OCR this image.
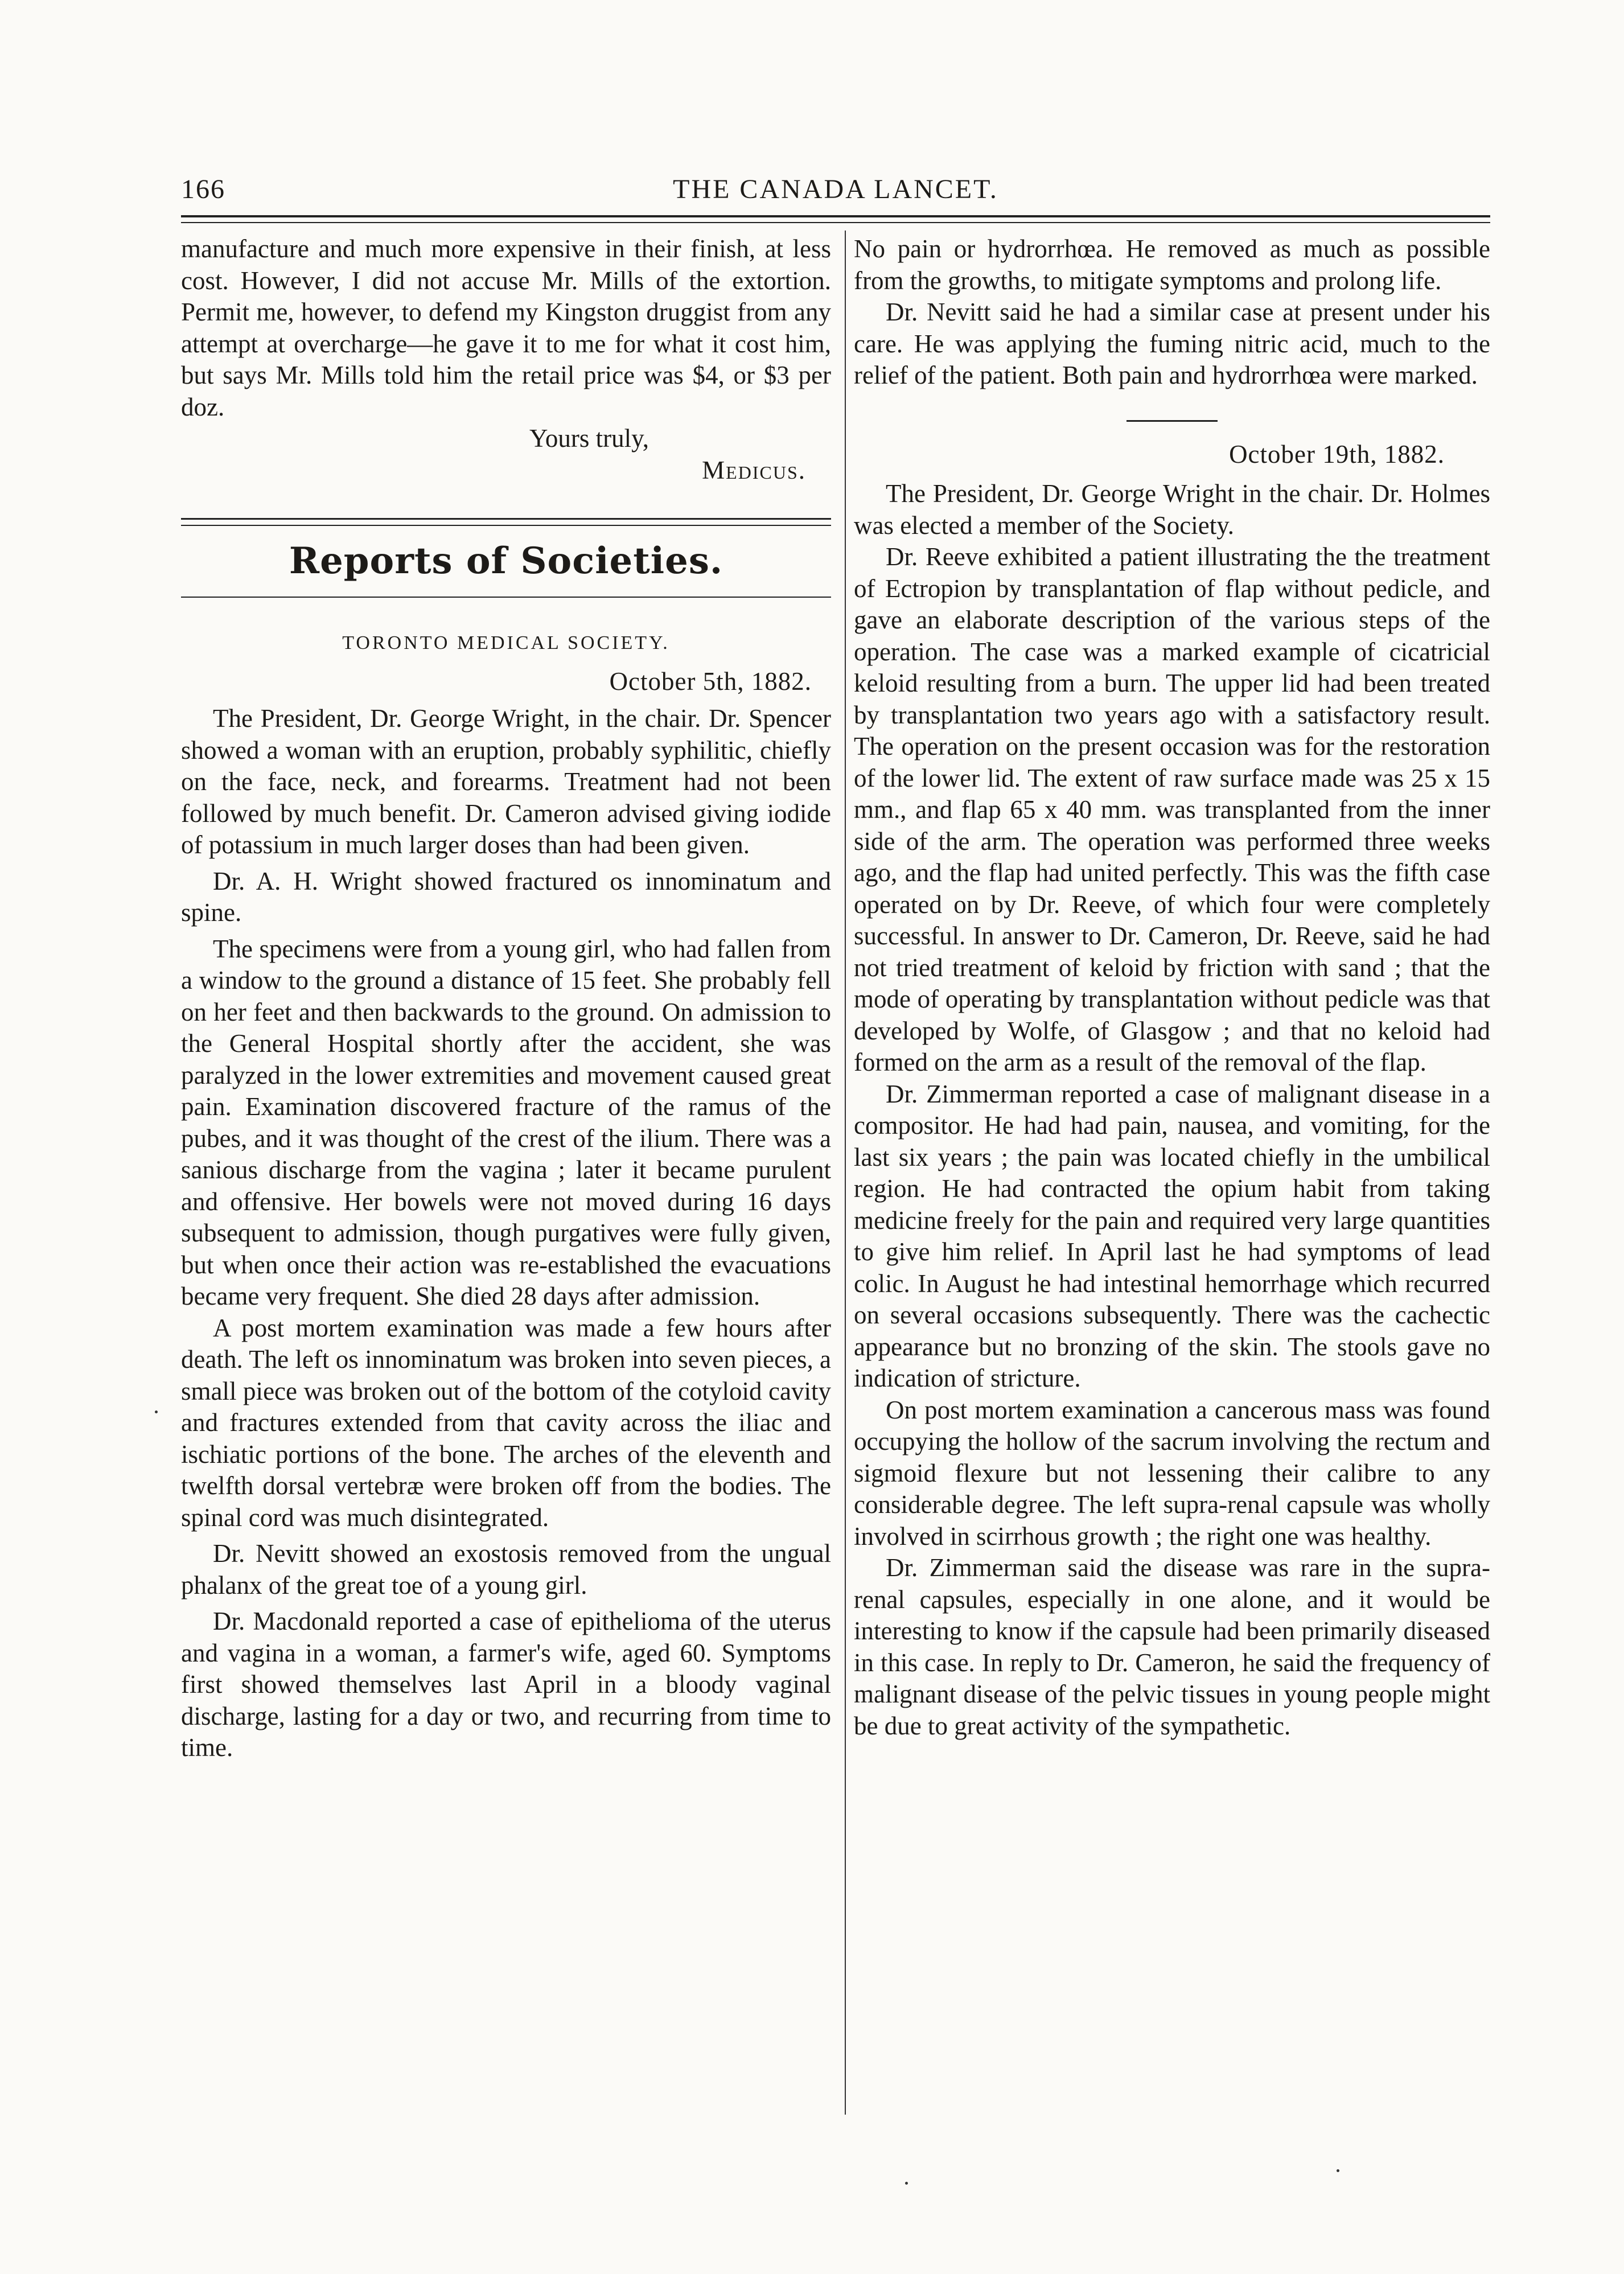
166	THE CANADA LANCET.

manufacture and much more expensive in their finish, at less cost. However, I did not accuse Mr. Mills of the extortion. Permit me, however, to defend my Kingston druggist from any attempt at overcharge—he gave it to me for what it cost him, but says Mr. Mills told him the retail price was $4, or $3 per doz.

Yours truly,

Medicus.

Reports of Societies.
TORONTO MEDICAL SOCIETY.
October 5th, 1882.

The President, Dr. George Wright, in the chair. Dr. Spencer showed a woman with an eruption, probably syphilitic, chiefly on the face, neck, and forearms. Treatment had not been followed by much benefit. Dr. Cameron advised giving iodide of potassium in much larger doses than had been given.

Dr. A. H. Wright showed fractured os innominatum and spine.

The specimens were from a young girl, who had fallen from a window to the ground a distance of 15 feet. She probably fell on her feet and then backwards to the ground. On admission to the General Hospital shortly after the accident, she was paralyzed in the lower extremities and movement caused great pain. Examination discovered fracture of the ramus of the pubes, and it was thought of the crest of the ilium. There was a sanious discharge from the vagina ; later it became purulent and offensive. Her bowels were not moved during 16 days subsequent to admission, though purgatives were fully given, but when once their action was re-established the evacuations became very frequent. She died 28 days after admission.

A post mortem examination was made a few hours after death. The left os innominatum was broken into seven pieces, a small piece was broken out of the bottom of the cotyloid cavity and fractures extended from that cavity across the iliac and ischiatic portions of the bone. The arches of the eleventh and twelfth dorsal vertebræ were broken off from the bodies. The spinal cord was much disintegrated.

Dr. Nevitt showed an exostosis removed from the ungual phalanx of the great toe of a young girl.

Dr. Macdonald reported a case of epithelioma of the uterus and vagina in a woman, a farmer's wife, aged 60. Symptoms first showed themselves last April in a bloody vaginal discharge, lasting for a day or two, and recurring from time to time.

No pain or hydrorrhœa. He removed as much as possible from the growths, to mitigate symptoms and prolong life.

Dr. Nevitt said he had a similar case at present under his care. He was applying the fuming nitric acid, much to the relief of the patient. Both pain and hydrorrhœa were marked.

October 19th, 1882.

The President, Dr. George Wright in the chair. Dr. Holmes was elected a member of the Society.

Dr. Reeve exhibited a patient illustrating the the treatment of Ectropion by transplantation of flap without pedicle, and gave an elaborate description of the various steps of the operation. The case was a marked example of cicatricial keloid resulting from a burn. The upper lid had been treated by transplantation two years ago with a satisfactory result. The operation on the present occasion was for the restoration of the lower lid. The extent of raw surface made was 25 x 15 mm., and flap 65 x 40 mm. was transplanted from the inner side of the arm. The operation was performed three weeks ago, and the flap had united perfectly. This was the fifth case operated on by Dr. Reeve, of which four were completely successful. In answer to Dr. Cameron, Dr. Reeve, said he had not tried treatment of keloid by friction with sand ; that the mode of operating by transplantation without pedicle was that developed by Wolfe, of Glasgow ; and that no keloid had formed on the arm as a result of the removal of the flap.

Dr. Zimmerman reported a case of malignant disease in a compositor. He had had pain, nausea, and vomiting, for the last six years ; the pain was located chiefly in the umbilical region. He had contracted the opium habit from taking medicine freely for the pain and required very large quantities to give him relief. In April last he had symptoms of lead colic. In August he had intestinal hemorrhage which recurred on several occasions subsequently. There was the cachectic appearance but no bronzing of the skin. The stools gave no indication of stricture.

On post mortem examination a cancerous mass was found occupying the hollow of the sacrum involving the rectum and sigmoid flexure but not lessening their calibre to any considerable degree. The left supra-renal capsule was wholly involved in scirrhous growth ; the right one was healthy.

Dr. Zimmerman said the disease was rare in the supra-renal capsules, especially in one alone, and it would be interesting to know if the capsule had been primarily diseased in this case. In reply to Dr. Cameron, he said the frequency of malignant disease of the pelvic tissues in young people might be due to great activity of the sympathetic.
